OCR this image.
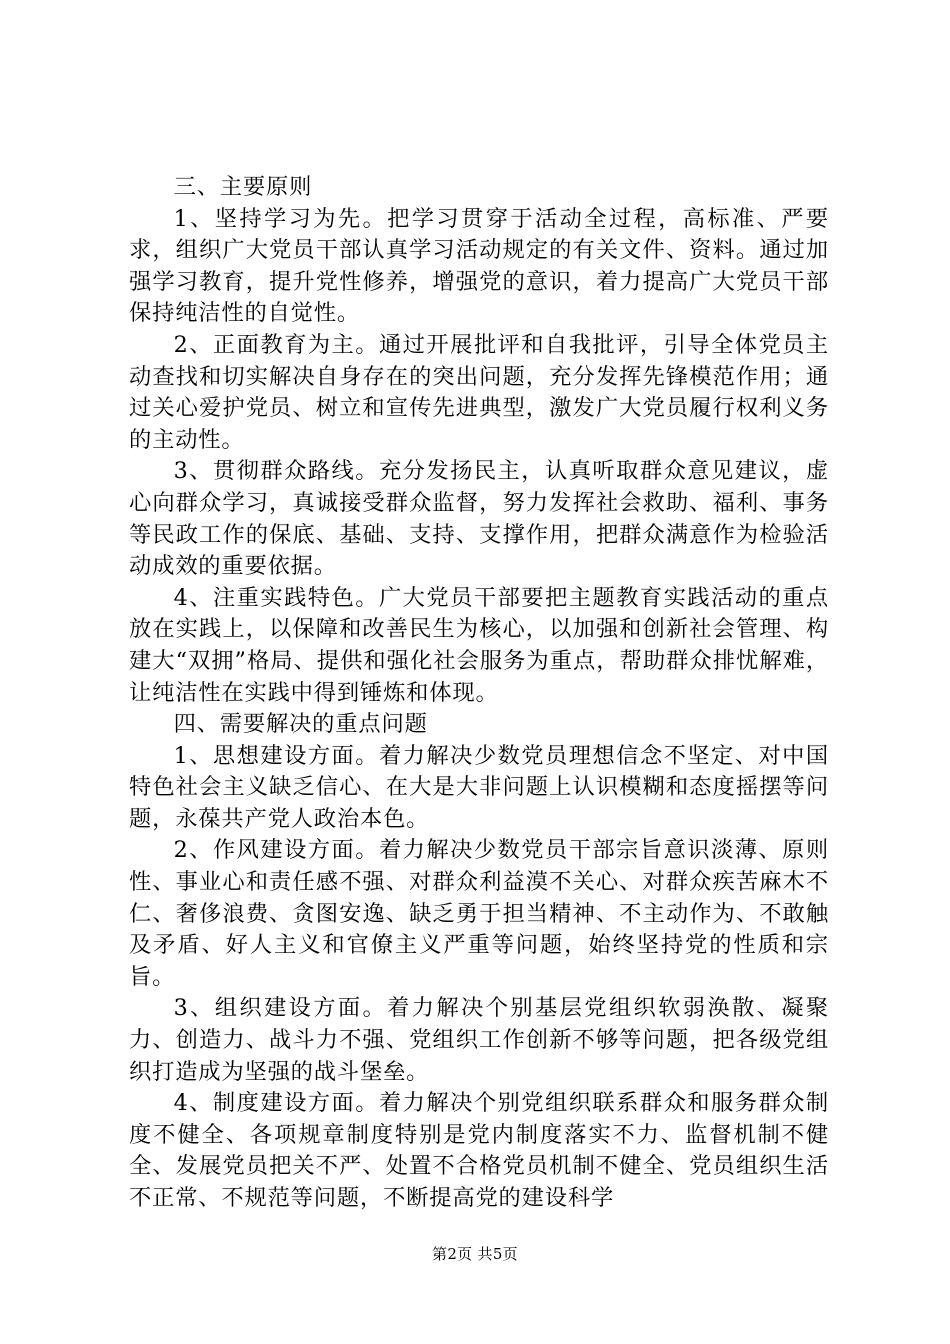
三、主要原则

1、坚持学习为先。把学习贯穿于活动全过程，高标准、严要求，组织广大党员干部认真学习活动规定的有关文件、资料。通过加强学习教育，提升党性修养，增强党的意识，着力提高广大党员干部保持纯洁性的自觉性。

2、正面教育为主。通过开展批评和自我批评，引导全体党员主动查找和切实解决自身存在的突出问题，充分发挥先锋模范作用；通过关心爱护党员、树立和宣传先进典型，激发广大党员履行权利义务的主动性。

3、贯彻群众路线。充分发扬民主，认真听取群众意见建议，虚心向群众学习，真诚接受群众监督，努力发挥社会救助、福利、事务等民政工作的保底、基础、支持、支撑作用，把群众满意作为检验活动成效的重要依据。

4、注重实践特色。广大党员干部要把主题教育实践活动的重点放在实践上，以保障和改善民生为核心，以加强和创新社会管理、构建大“双拥”格局、提供和强化社会服务为重点，帮助群众排忧解难，让纯洁性在实践中得到锤炼和体现。

四、需要解决的重点问题

1、思想建设方面。着力解决少数党员理想信念不坚定、对中国特色社会主义缺乏信心、在大是大非问题上认识模糊和态度摇摆等问题，永葆共产党人政治本色。

2、作风建设方面。着力解决少数党员干部宗旨意识淡薄、原则性、事业心和责任感不强、对群众利益漠不关心、对群众疾苦麻木不仁、奢侈浪费、贪图安逸、缺乏勇于担当精神、不主动作为、不敢触及矛盾、好人主义和官僚主义严重等问题，始终坚持党的性质和宗旨。

3、组织建设方面。着力解决个别基层党组织软弱涣散、凝聚力、创造力、战斗力不强、党组织工作创新不够等问题，把各级党组织打造成为坚强的战斗堡垒。

4、制度建设方面。着力解决个别党组织联系群众和服务群众制度不健全、各项规章制度特别是党内制度落实不力、监督机制不健全、发展党员把关不严、处置不合格党员机制不健全、党员组织生活不正常、不规范等问题，不断提高党的建设科学

第2页 共5页
